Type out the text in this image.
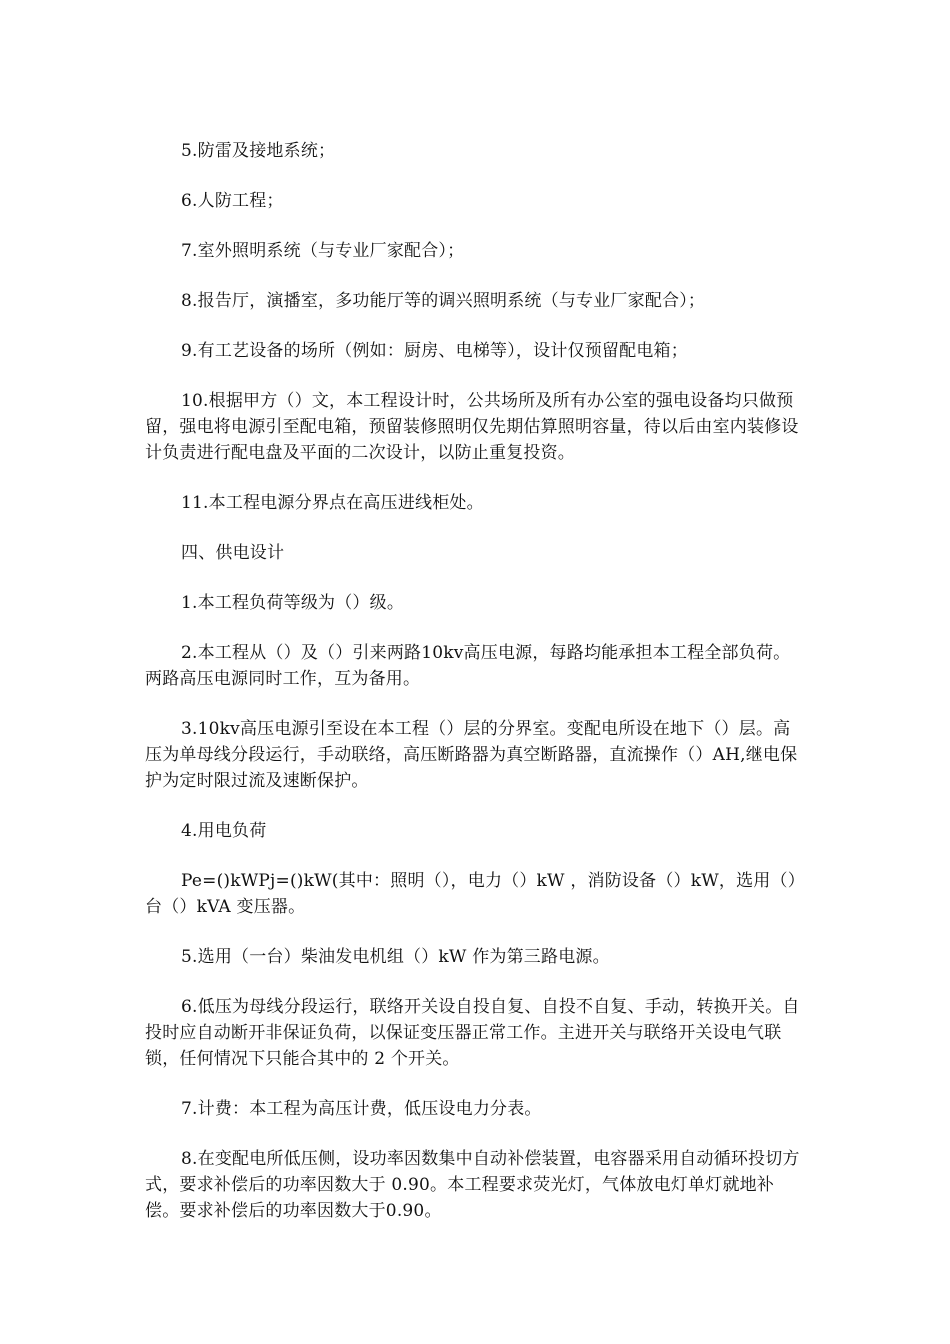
5.防雷及接地系统；

6.人防工程；

7.室外照明系统（与专业厂家配合）；

8.报告厅，演播室，多功能厅等的调兴照明系统（与专业厂家配合）；

9.有工艺设备的场所（例如：厨房、电梯等），设计仅预留配电箱；

10.根据甲方（）文，本工程设计时，公共场所及所有办公室的强电设备均只做预留，强电将电源引至配电箱，预留装修照明仅先期估算照明容量，待以后由室内装修设计负责进行配电盘及平面的二次设计，以防止重复投资。

11.本工程电源分界点在高压进线柜处。

四、供电设计

1.本工程负荷等级为（）级。

2.本工程从（）及（）引来两路10kv高压电源，每路均能承担本工程全部负荷。两路高压电源同时工作，互为备用。

3.10kv高压电源引至设在本工程（）层的分界室。变配电所设在地下（）层。高压为单母线分段运行，手动联络，高压断路器为真空断路器，直流操作（）AH,继电保护为定时限过流及速断保护。

4.用电负荷

Pe=()kWPj=()kW(其中：照明（），电力（）kW ，消防设备（）kW，选用（）台（）kVA 变压器。

5.选用（一台）柴油发电机组（）kW 作为第三路电源。

6.低压为母线分段运行，联络开关设自投自复、自投不自复、手动，转换开关。自投时应自动断开非保证负荷，以保证变压器正常工作。主进开关与联络开关设电气联锁，任何情况下只能合其中的 2 个开关。

7.计费：本工程为高压计费，低压设电力分表。

8.在变配电所低压侧，设功率因数集中自动补偿装置，电容器采用自动循环投切方式，要求补偿后的功率因数大于 0.90。本工程要求荧光灯，气体放电灯单灯就地补偿。要求补偿后的功率因数大于0.90。
